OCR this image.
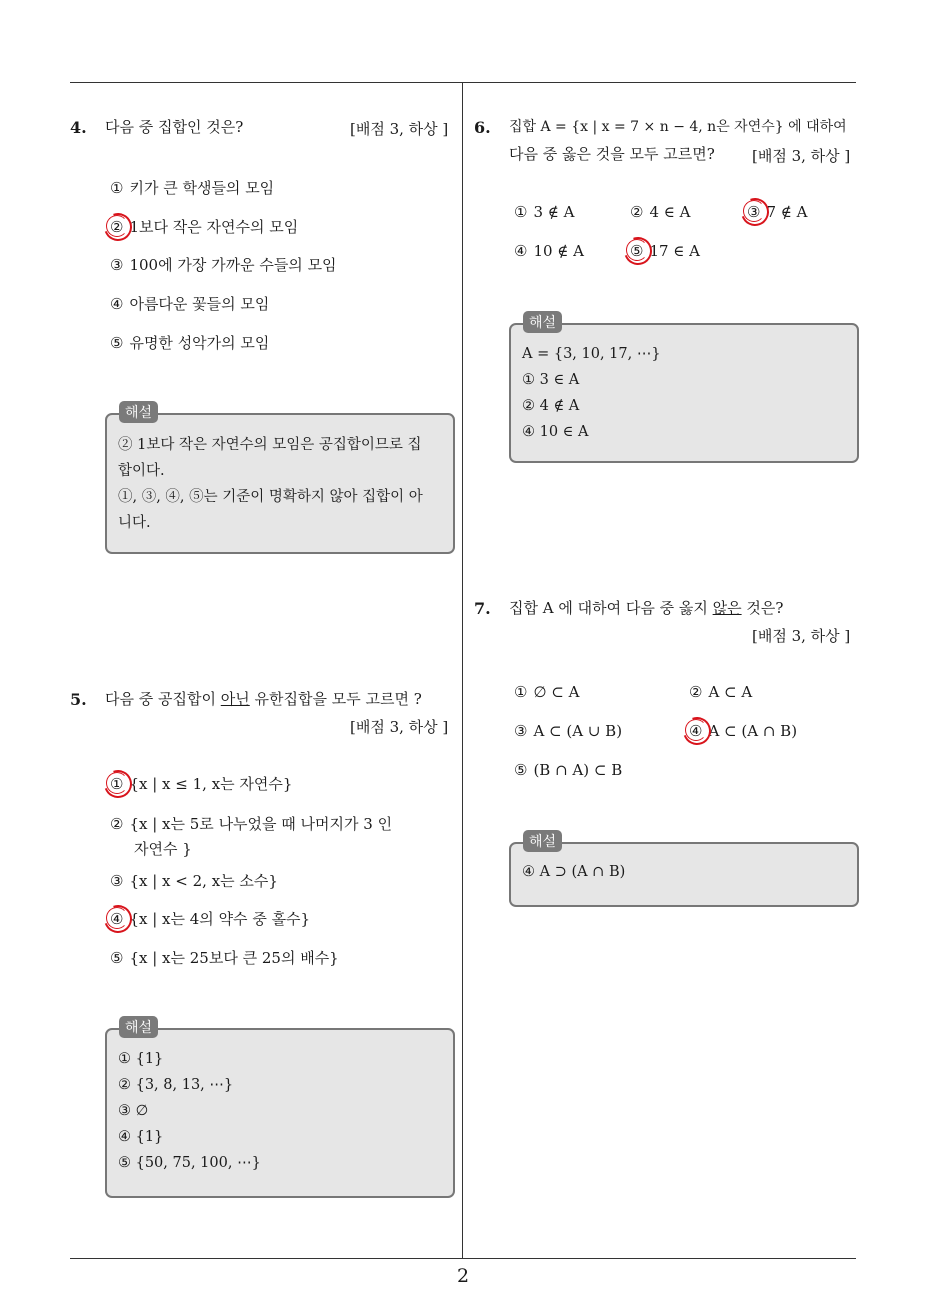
4. 다음 중 집합인 것은?	[배점 3, 하상 ]
① 키가 큰 학생들의 모임
② 1보다 작은 자연수의 모임
③ 100에 가장 가까운 수들의 모임
④ 아름다운 꽃들의 모임
⑤ 유명한 성악가의 모임
해설
② 1보다 작은 자연수의 모임은 공집합이므로 집
합이다.
①, ③, ④, ⑤는 기준이 명확하지 않아 집합이 아
니다.
5. 다음 중 공집합이 아닌 유한집합을 모두 고르면 ?
[배점 3, 하상 ]
① {x | x ≤ 1, x는 자연수}
② {x | x는 5로 나누었을 때 나머지가 3 인
자연수 }
③ {x | x < 2, x는 소수}
④ {x | x는 4의 약수 중 홀수}
⑤ {x | x는 25보다 큰 25의 배수}
해설
① {1}
② {3, 8, 13, ⋯}
③ ∅
④ {1}
⑤ {50, 75, 100, ⋯}
6. 집합 A = {x | x = 7 × n − 4, n은 자연수} 에 대하여
다음 중 옳은 것을 모두 고르면? [배점 3, 하상 ]
① 3 ∉ A	② 4 ∈ A	③ 7 ∉ A
④ 10 ∉ A	⑤ 17 ∈ A
해설
A = {3, 10, 17, ⋯}
① 3 ∈ A
② 4 ∉ A
④ 10 ∈ A
7. 집합 A 에 대하여 다음 중 옳지 않은 것은?
[배점 3, 하상 ]
① ∅ ⊂ A	② A ⊂ A
③ A ⊂ (A ∪ B)	④ A ⊂ (A ∩ B)
⑤ (B ∩ A) ⊂ B
해설
④ A ⊃ (A ∩ B)
2
